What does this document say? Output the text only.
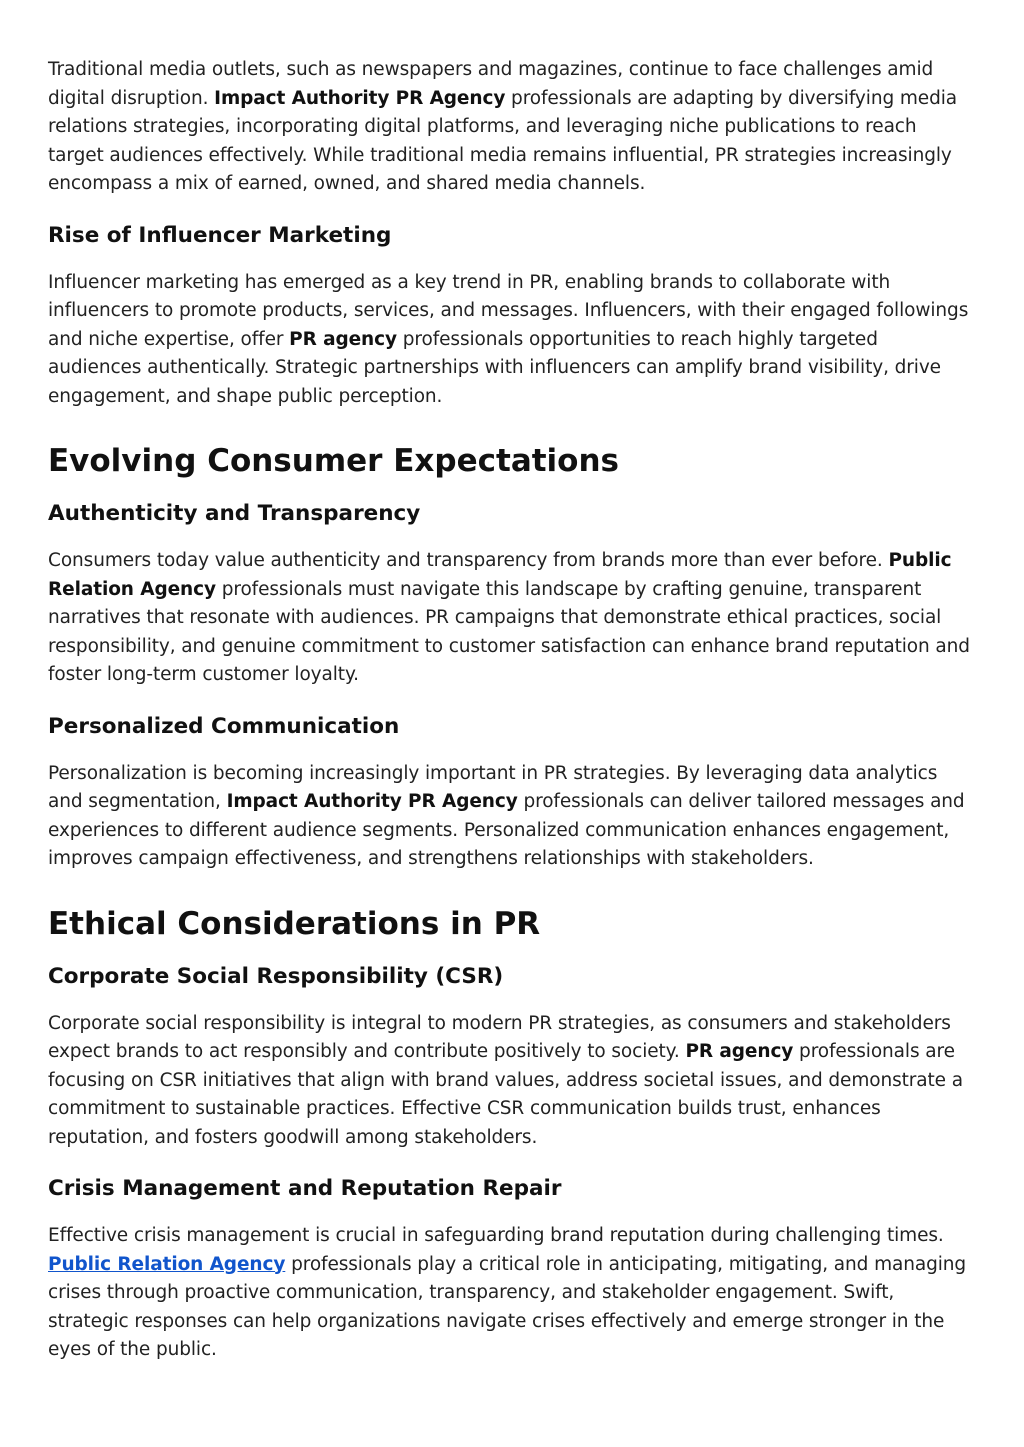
Traditional media outlets, such as newspapers and magazines, continue to face challenges amid digital disruption. Impact Authority PR Agency professionals are adapting by diversifying media relations strategies, incorporating digital platforms, and leveraging niche publications to reach target audiences effectively. While traditional media remains influential, PR strategies increasingly encompass a mix of earned, owned, and shared media channels.

Rise of Influencer Marketing

Influencer marketing has emerged as a key trend in PR, enabling brands to collaborate with influencers to promote products, services, and messages. Influencers, with their engaged followings and niche expertise, offer PR agency professionals opportunities to reach highly targeted audiences authentically. Strategic partnerships with influencers can amplify brand visibility, drive engagement, and shape public perception.

Evolving Consumer Expectations
Authenticity and Transparency

Consumers today value authenticity and transparency from brands more than ever before. Public Relation Agency professionals must navigate this landscape by crafting genuine, transparent narratives that resonate with audiences. PR campaigns that demonstrate ethical practices, social responsibility, and genuine commitment to customer satisfaction can enhance brand reputation and foster long-term customer loyalty.

Personalized Communication

Personalization is becoming increasingly important in PR strategies. By leveraging data analytics and segmentation, Impact Authority PR Agency professionals can deliver tailored messages and experiences to different audience segments. Personalized communication enhances engagement, improves campaign effectiveness, and strengthens relationships with stakeholders.

Ethical Considerations in PR
Corporate Social Responsibility (CSR)

Corporate social responsibility is integral to modern PR strategies, as consumers and stakeholders expect brands to act responsibly and contribute positively to society. PR agency professionals are focusing on CSR initiatives that align with brand values, address societal issues, and demonstrate a commitment to sustainable practices. Effective CSR communication builds trust, enhances reputation, and fosters goodwill among stakeholders.

Crisis Management and Reputation Repair

Effective crisis management is crucial in safeguarding brand reputation during challenging times. Public Relation Agency professionals play a critical role in anticipating, mitigating, and managing crises through proactive communication, transparency, and stakeholder engagement. Swift, strategic responses can help organizations navigate crises effectively and emerge stronger in the eyes of the public.
